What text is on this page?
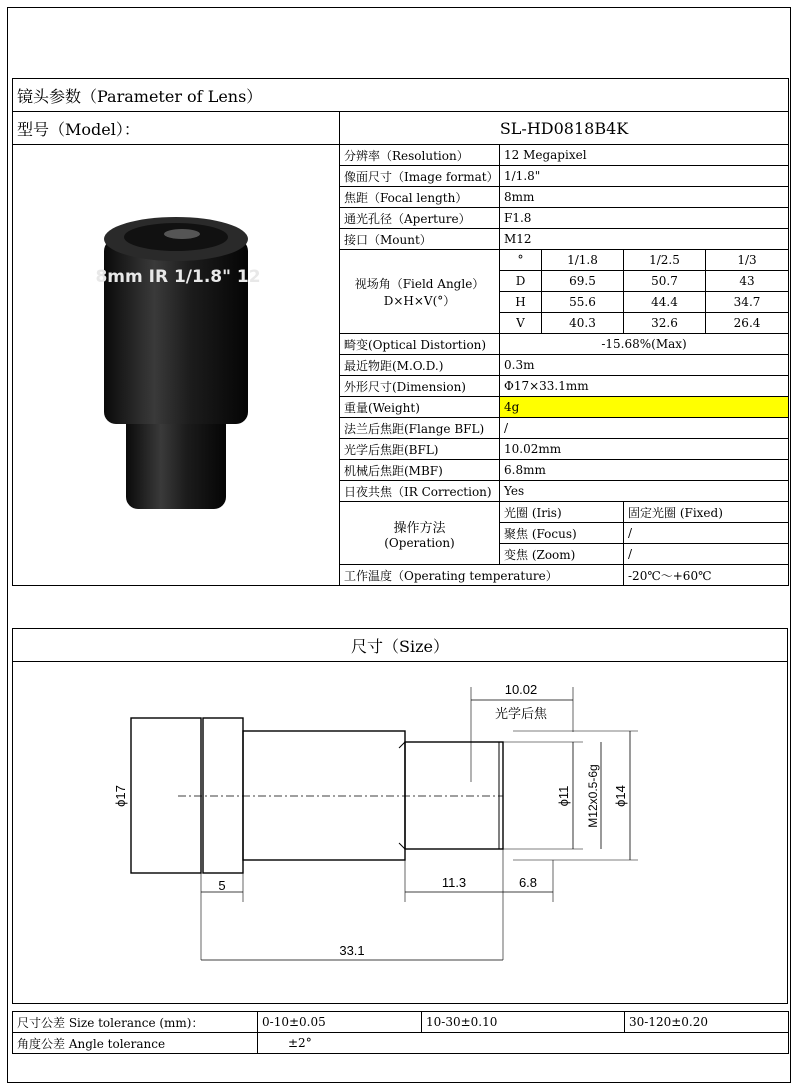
镜头参数（Parameter of Lens）					
型号（Model）：	SL-HD0818B4K				

8mm IR 1/1.8" 12	分辨率（Resolution）	12 Megapixel			
	像面尺寸（Image format）	1/1.8"			
	焦距（Focal length）	8mm			
	通光孔径（Aperture）	F1.8			
	接口（Mount）	M12			

	视场角（Field Angle）
D×H×V(°）	°	1/1.8	1/2.5	1/3
		D	69.5	50.7	43
		H	55.6	44.4	34.7
		V	40.3	32.6	26.4
	畸变(Optical Distortion)	-15.68%(Max)			
	最近物距(M.O.D.)	0.3m			
	外形尺寸(Dimension)	Φ17×33.1mm			
	重量(Weight)	4g			
	法兰后焦距(Flange BFL)	/			
	光学后焦距(BFL)	10.02mm			
	机械后焦距(MBF)	6.8mm			
	日夜共焦（IR Correction)	Yes			

	操作方法
(Operation)	光圈 (Iris)		固定光圈 (Fixed)	
		聚焦 (Focus)		/	
		变焦 (Zoom)		/	
	工作温度（Operating temperature）			-20℃～+60℃	
尺寸（Size）

10.02
光学后焦
ϕ17	ϕ11 M12x0.5-6g ϕ14
5	11.3	6.8
33.1
尺寸公差 Size tolerance (mm)：	0-10±0.05	10-30±0.10	30-120±0.20
角度公差 Angle tolerance	±2°		
